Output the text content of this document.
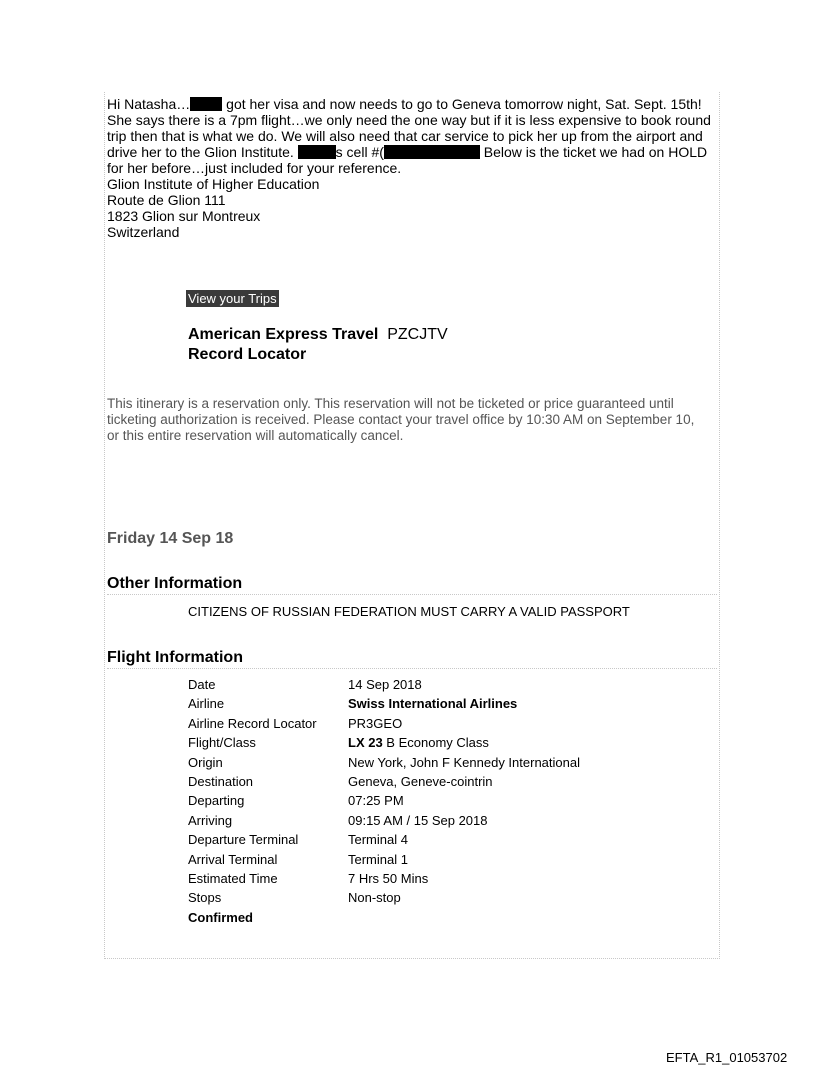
Hi Natasha… got her visa and now needs to go to Geneva tomorrow night, Sat. Sept. 15th!
She says there is a 7pm flight…we only need the one way but if it is less expensive to book round
trip then that is what we do. We will also need that car service to pick her up from the airport and
drive her to the Glion Institute.	s cell #(	Below is the ticket we had on HOLD
for her before…just included for your reference.
Glion Institute of Higher Education
Route de Glion 111
1823 Glion sur Montreux
Switzerland
View your Trips
American Express Travel PZCJTV
Record Locator
This itinerary is a reservation only. This reservation will not be ticketed or price guaranteed until
ticketing authorization is received. Please contact your travel office by 10:30 AM on September 10,
or this entire reservation will automatically cancel.
Friday 14 Sep 18
Other Information
CITIZENS OF RUSSIAN FEDERATION MUST CARRY A VALID PASSPORT
Flight Information
Date	14 Sep 2018
Airline	Swiss International Airlines
Airline Record Locator	PR3GEO
Flight/Class	LX 23 B Economy Class
Origin	New York, John F Kennedy International
Destination	Geneva, Geneve-cointrin
Departing	07:25 PM
Arriving	09:15 AM / 15 Sep 2018
Departure Terminal	Terminal 4
Arrival Terminal	Terminal 1
Estimated Time	7 Hrs 50 Mins
Stops	Non-stop
Confirmed	
EFTA_R1_01053702
